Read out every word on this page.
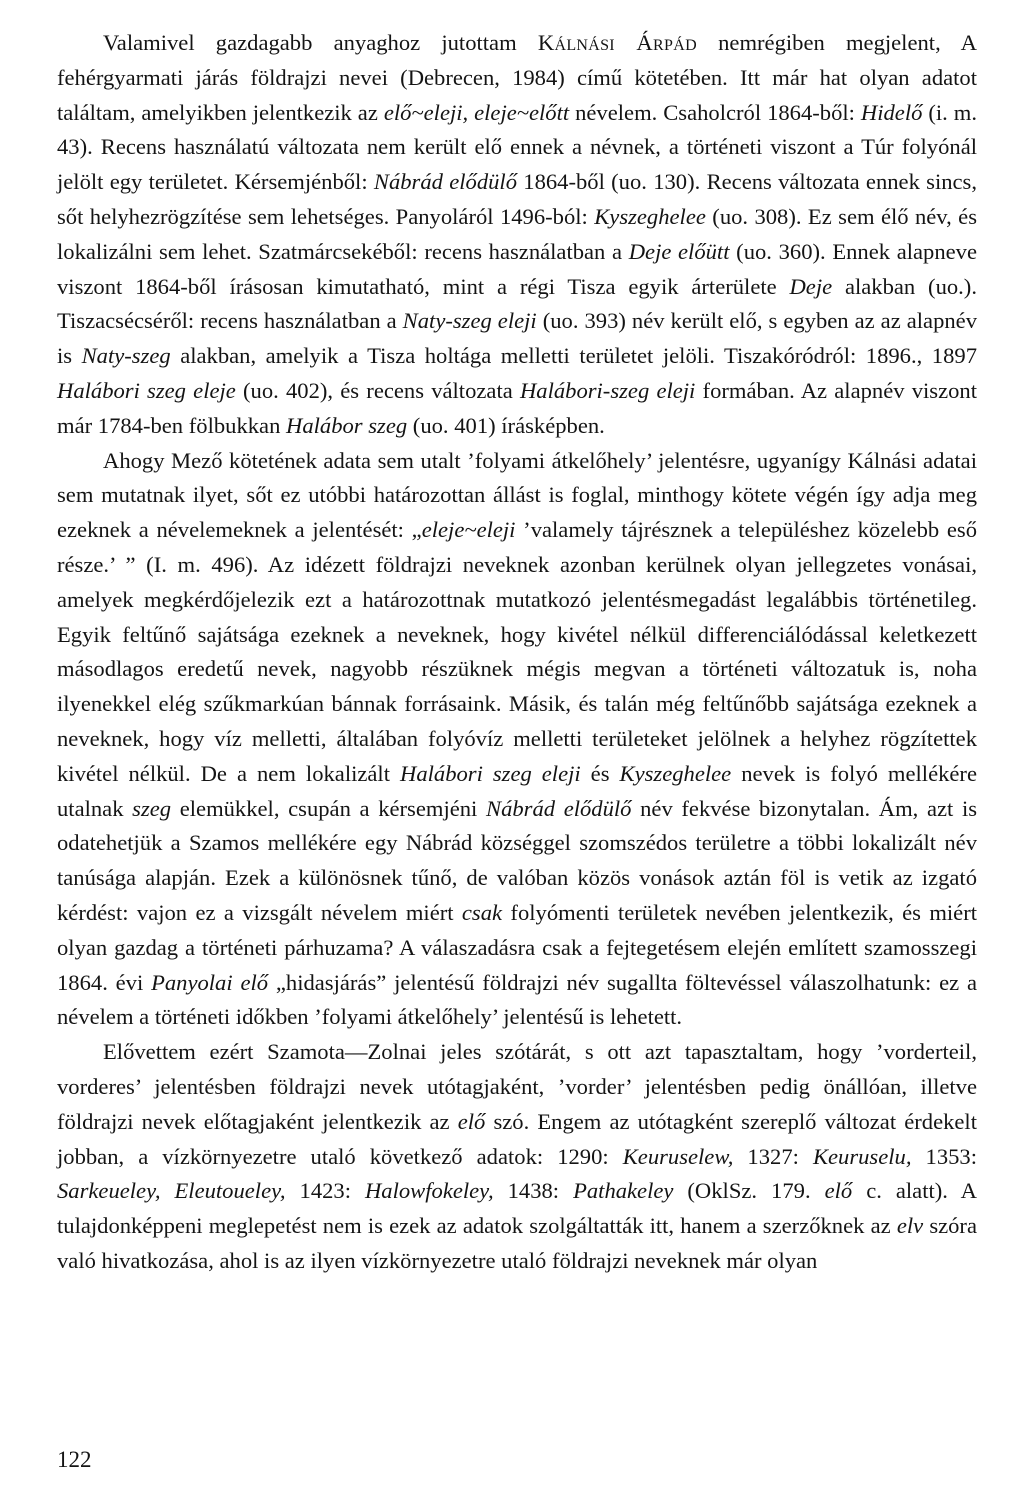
Valamivel gazdagabb anyaghoz jutottam Kálnási Árpád nemrégiben megjelent, A fehérgyarmati járás földrajzi nevei (Debrecen, 1984) című kötetében. Itt már hat olyan adatot találtam, amelyikben jelentkezik az elő~eleji, eleje~előtt névelem. Csaholcról 1864-ből: Hidelő (i. m. 43). Recens használatú változata nem került elő ennek a névnek, a történeti viszont a Túr folyónál jelölt egy területet. Kérsemjénből: Nábrád elődülő 1864-ből (uo. 130). Recens változata ennek sincs, sőt helyhezrögzítése sem lehetséges. Panyoláról 1496-ból: Kyszeghelee (uo. 308). Ez sem élő név, és lokalizálni sem lehet. Szatmárcsekéből: recens használatban a Deje előütt (uo. 360). Ennek alapneve viszont 1864-ből írásosan kimutatható, mint a régi Tisza egyik árterülete Deje alakban (uo.). Tiszacsécséről: recens használatban a Naty-szeg eleji (uo. 393) név került elő, s egyben az az alapnév is Naty-szeg alakban, amelyik a Tisza holtága melletti területet jelöli. Tiszakóródról: 1896., 1897 Halábori szeg eleje (uo. 402), és recens változata Halábori-szeg eleji formában. Az alapnév viszont már 1784-ben fölbukkan Halábor szeg (uo. 401) írásképben.

Ahogy Mező kötetének adata sem utalt ’folyami átkelőhely’ jelentésre, ugyanígy Kálnási adatai sem mutatnak ilyet, sőt ez utóbbi határozottan állást is foglal, minthogy kötete végén így adja meg ezeknek a névelemeknek a jelentését: „eleje~eleji ’valamely tájrésznek a településhez közelebb eső része.’ ” (I. m. 496). Az idézett földrajzi neveknek azonban kerülnek olyan jellegzetes vonásai, amelyek megkérdőjelezik ezt a határozottnak mutatkozó jelentésmegadást legalábbis történetileg. Egyik feltűnő sajátsága ezeknek a neveknek, hogy kivétel nélkül differenciálódással keletkezett másodlagos eredetű nevek, nagyobb részüknek mégis megvan a történeti változatuk is, noha ilyenekkel elég szűkmarkúan bánnak forrásaink. Másik, és talán még feltűnőbb sajátsága ezeknek a neveknek, hogy víz melletti, általában folyóvíz melletti területeket jelölnek a helyhez rögzítettek kivétel nélkül. De a nem lokalizált Halábori szeg eleji és Kyszeghelee nevek is folyó mellékére utalnak szeg elemükkel, csupán a kérsemjéni Nábrád elődülő név fekvése bizonytalan. Ám, azt is odatehetjük a Szamos mellékére egy Nábrád községgel szomszédos területre a többi lokalizált név tanúsága alapján. Ezek a különösnek tűnő, de valóban közös vonások aztán föl is vetik az izgató kérdést: vajon ez a vizsgált névelem miért csak folyómenti területek nevében jelentkezik, és miért olyan gazdag a történeti párhuzama? A válaszadásra csak a fejtegetésem elején említett szamosszegi 1864. évi Panyolai elő „hidasjárás” jelentésű földrajzi név sugallta föltevéssel válaszolhatunk: ez a névelem a történeti időkben ’folyami átkelőhely’ jelentésű is lehetett.

Elővettem ezért Szamota—Zolnai jeles szótárát, s ott azt tapasztaltam, hogy ’vorderteil, vorderes’ jelentésben földrajzi nevek utótagjaként, ’vorder’ jelentésben pedig önállóan, illetve földrajzi nevek előtagjaként jelentkezik az elő szó. Engem az utótagként szereplő változat érdekelt jobban, a vízkörnyezetre utaló következő adatok: 1290: Keuruselew, 1327: Keuruselu, 1353: Sarkeueley, Eleutoueley, 1423: Halowfokeley, 1438: Pathakeley (OklSz. 179. elő c. alatt). A tulajdonképpeni meglepetést nem is ezek az adatok szolgáltatták itt, hanem a szerzőknek az elv szóra való hivatkozása, ahol is az ilyen vízkörnyezetre utaló földrajzi neveknek már olyan

122
